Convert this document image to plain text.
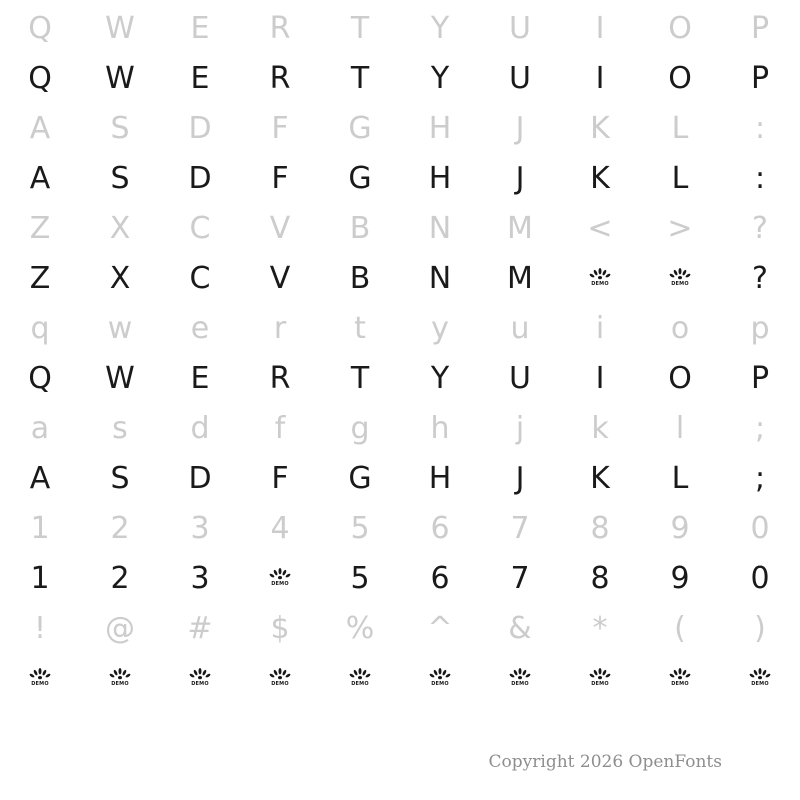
Q	W	E	R	T	Y	U	I	O	P
Q	W	E	R	T	Y	U	I	O	P
A	S	D	F	G	H	J	K	L	:
A	S	D	F	G	H	J	K	L	:
Z	X	C	V	B	N	M	<	>	?
Z	X	C	V	B	N	M	DEMO	DEMO	?
q	w	e	r	t	y	u	i	o	p
Q	W	E	R	T	Y	U	I	O	P
a	s	d	f	g	h	j	k	l	;
A	S	D	F	G	H	J	K	L	;
1	2	3	4	5	6	7	8	9	0
1	2	3	DEMO	5	6	7	8	9	0
!	@	#	$	%	^	&	*	(	)
DEMO	DEMO	DEMO	DEMO	DEMO	DEMO	DEMO	DEMO	DEMO	DEMO
Copyright 2026 OpenFonts
